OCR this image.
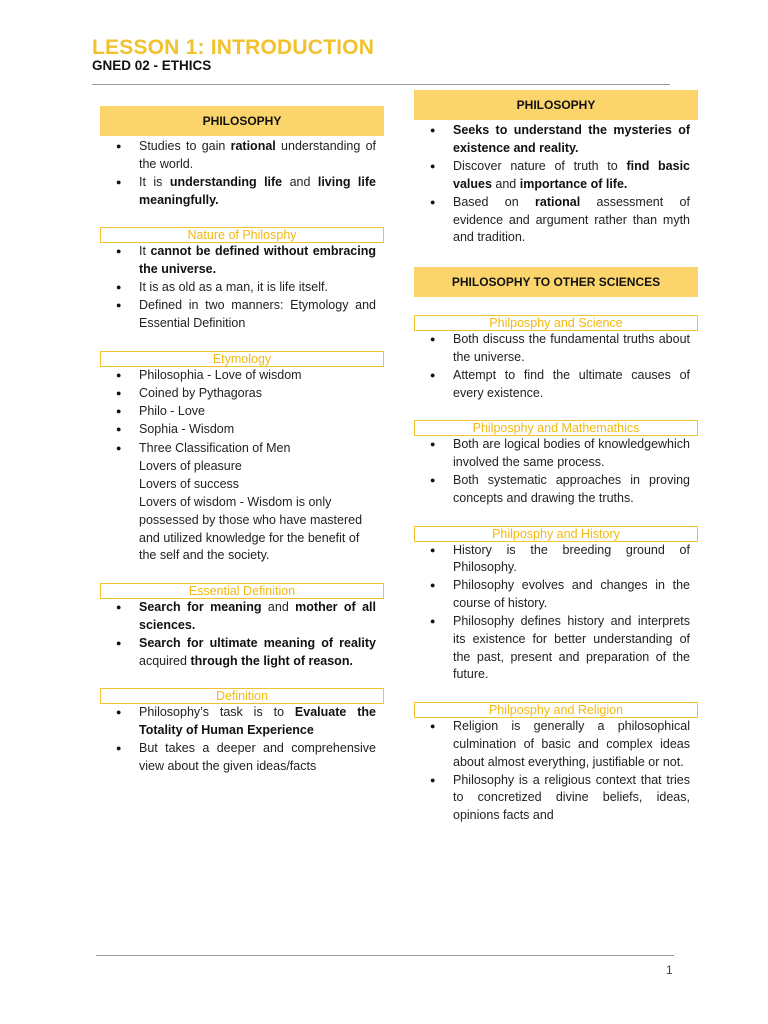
LESSON 1: INTRODUCTION
GNED 02 - ETHICS
PHILOSOPHY
● Studies to gain rational understanding of the world.
● It is understanding life and living life meaningfully.
Nature of Philosphy
● It cannot be defined without embracing the universe.
● It is as old as a man, it is life itself.
● Defined in two manners: Etymology and Essential Definition
Etymology
● Philosophia - Love of wisdom
● Coined by Pythagoras
● Philo - Love
● Sophia - Wisdom
● Three Classification of Men
Lovers of pleasure
Lovers of success
Lovers of wisdom - Wisdom is only possessed by those who have mastered and utilized knowledge for the benefit of the self and the society.
Essential Definition
● Search for meaning and mother of all sciences.
● Search for ultimate meaning of reality acquired through the light of reason.
Definition
● Philosophy’s task is to Evaluate the Totality of Human Experience
● But takes a deeper and comprehensive view about the given ideas/facts
PHILOSOPHY
● Seeks to understand the mysteries of existence and reality.
● Discover nature of truth to find basic values and importance of life.
● Based on rational assessment of evidence and argument rather than myth and tradition.
PHILOSOPHY TO OTHER SCIENCES
Philposphy and Science
● Both discuss the fundamental truths about the universe.
● Attempt to find the ultimate causes of every existence.
Philposphy and Mathemathics
● Both are logical bodies of knowledgewhich involved the same process.
● Both systematic approaches in proving concepts and drawing the truths.
Philposphy and History
● History is the breeding ground of Philosophy.
● Philosophy evolves and changes in the course of history.
● Philosophy defines history and interprets its existence for better understanding of the past, present and preparation of the future.
Philposphy and Religion
● Religion is generally a philosophical culmination of basic and complex ideas about almost everything, justifiable or not.
● Philosophy is a religious context that tries to concretized divine beliefs, ideas, opinions facts and
1
